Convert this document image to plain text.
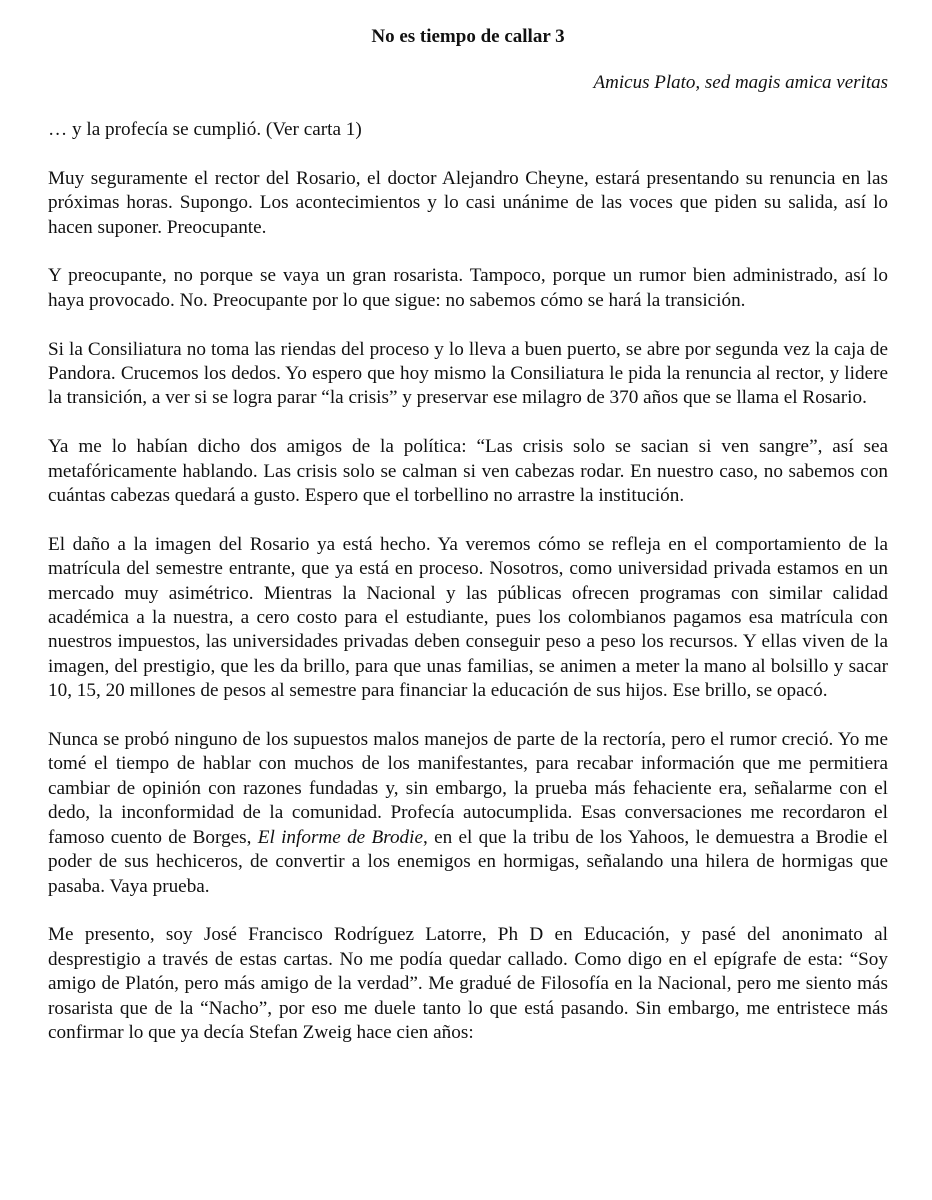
No es tiempo de callar 3
Amicus Plato, sed magis amica veritas

… y la profecía se cumplió. (Ver carta 1)

Muy seguramente el rector del Rosario, el doctor Alejandro Cheyne, estará presentando su renuncia en las próximas horas. Supongo. Los acontecimientos y lo casi unánime de las voces que piden su salida, así lo hacen suponer. Preocupante.

Y preocupante, no porque se vaya un gran rosarista. Tampoco, porque un rumor bien administrado, así lo haya provocado. No. Preocupante por lo que sigue: no sabemos cómo se hará la transición.

Si la Consiliatura no toma las riendas del proceso y lo lleva a buen puerto, se abre por segunda vez la caja de Pandora. Crucemos los dedos. Yo espero que hoy mismo la Consiliatura le pida la renuncia al rector, y lidere la transición, a ver si se logra parar “la crisis” y preservar ese milagro de 370 años que se llama el Rosario.

Ya me lo habían dicho dos amigos de la política: “Las crisis solo se sacian si ven sangre”, así sea metafóricamente hablando. Las crisis solo se calman si ven cabezas rodar. En nuestro caso, no sabemos con cuántas cabezas quedará a gusto. Espero que el torbellino no arrastre la institución.

El daño a la imagen del Rosario ya está hecho. Ya veremos cómo se refleja en el comportamiento de la matrícula del semestre entrante, que ya está en proceso. Nosotros, como universidad privada estamos en un mercado muy asimétrico. Mientras la Nacional y las públicas ofrecen programas con similar calidad académica a la nuestra, a cero costo para el estudiante, pues los colombianos pagamos esa matrícula con nuestros impuestos, las universidades privadas deben conseguir peso a peso los recursos. Y ellas viven de la imagen, del prestigio, que les da brillo, para que unas familias, se animen a meter la mano al bolsillo y sacar 10, 15, 20 millones de pesos al semestre para financiar la educación de sus hijos. Ese brillo, se opacó.

Nunca se probó ninguno de los supuestos malos manejos de parte de la rectoría, pero el rumor creció. Yo me tomé el tiempo de hablar con muchos de los manifestantes, para recabar información que me permitiera cambiar de opinión con razones fundadas y, sin embargo, la prueba más fehaciente era, señalarme con el dedo, la inconformidad de la comunidad. Profecía autocumplida. Esas conversaciones me recordaron el famoso cuento de Borges, El informe de Brodie, en el que la tribu de los Yahoos, le demuestra a Brodie el poder de sus hechiceros, de convertir a los enemigos en hormigas, señalando una hilera de hormigas que pasaba. Vaya prueba.

Me presento, soy José Francisco Rodríguez Latorre, Ph D en Educación, y pasé del anonimato al desprestigio a través de estas cartas. No me podía quedar callado. Como digo en el epígrafe de esta: “Soy amigo de Platón, pero más amigo de la verdad”. Me gradué de Filosofía en la Nacional, pero me siento más rosarista que de la “Nacho”, por eso me duele tanto lo que está pasando. Sin embargo, me entristece más confirmar lo que ya decía Stefan Zweig hace cien años:
